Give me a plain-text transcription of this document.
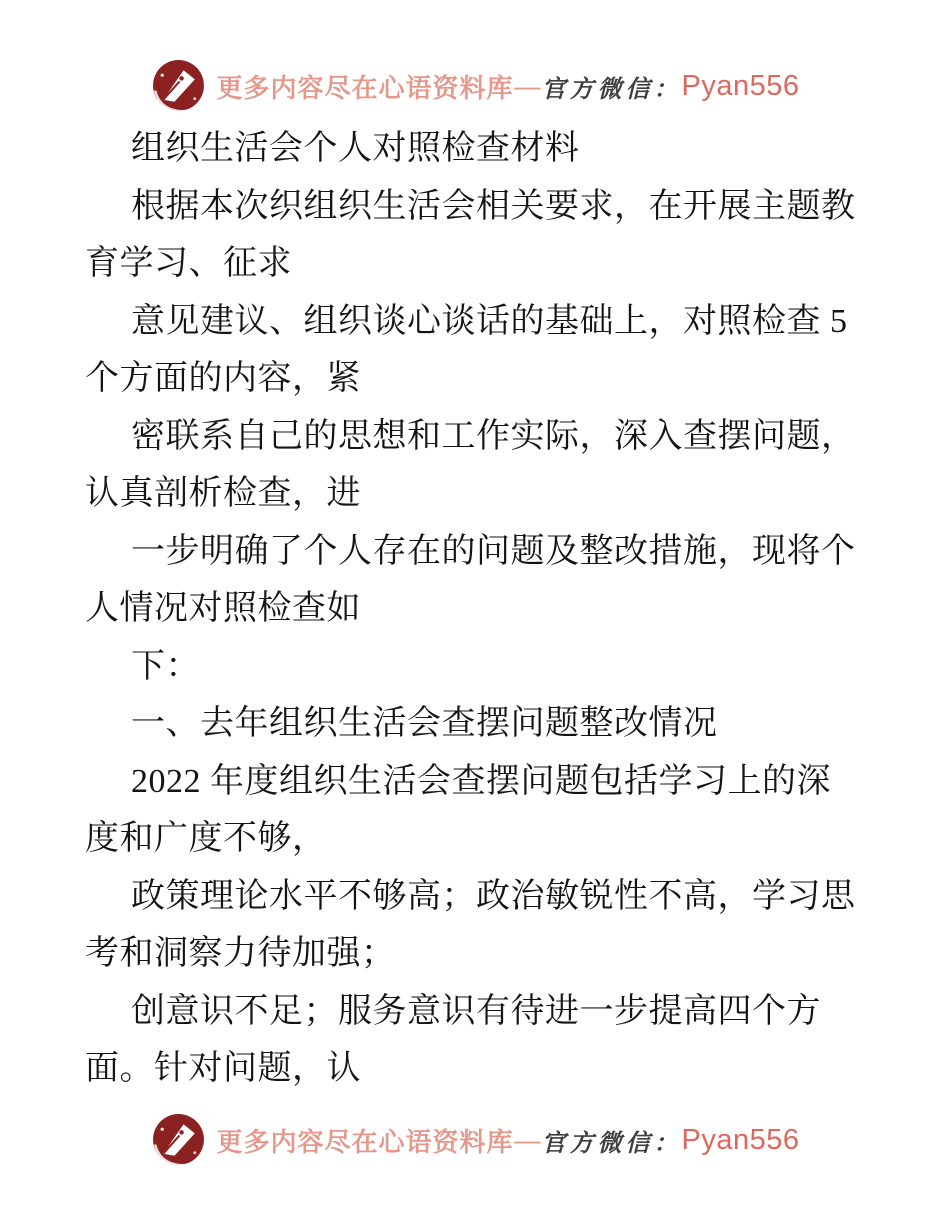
更多内容尽在心语资料库 — 官方微信： Pyan556
组织生活会个人对照检查材料
根据本次织组织生活会相关要求，在开展主题教
育学习、征求
意见建议、组织谈心谈话的基础上，对照检查 5
个方面的内容，紧
密联系自己的思想和工作实际，深入查摆问题，
认真剖析检查，进
一步明确了个人存在的问题及整改措施，现将个
人情况对照检查如
下：
一、去年组织生活会查摆问题整改情况
2022 年度组织生活会查摆问题包括学习上的深
度和广度不够，
政策理论水平不够高；政治敏锐性不高，学习思
考和洞察力待加强；
创意识不足；服务意识有待进一步提高四个方
面。针对问题，认
更多内容尽在心语资料库 — 官方微信： Pyan556
